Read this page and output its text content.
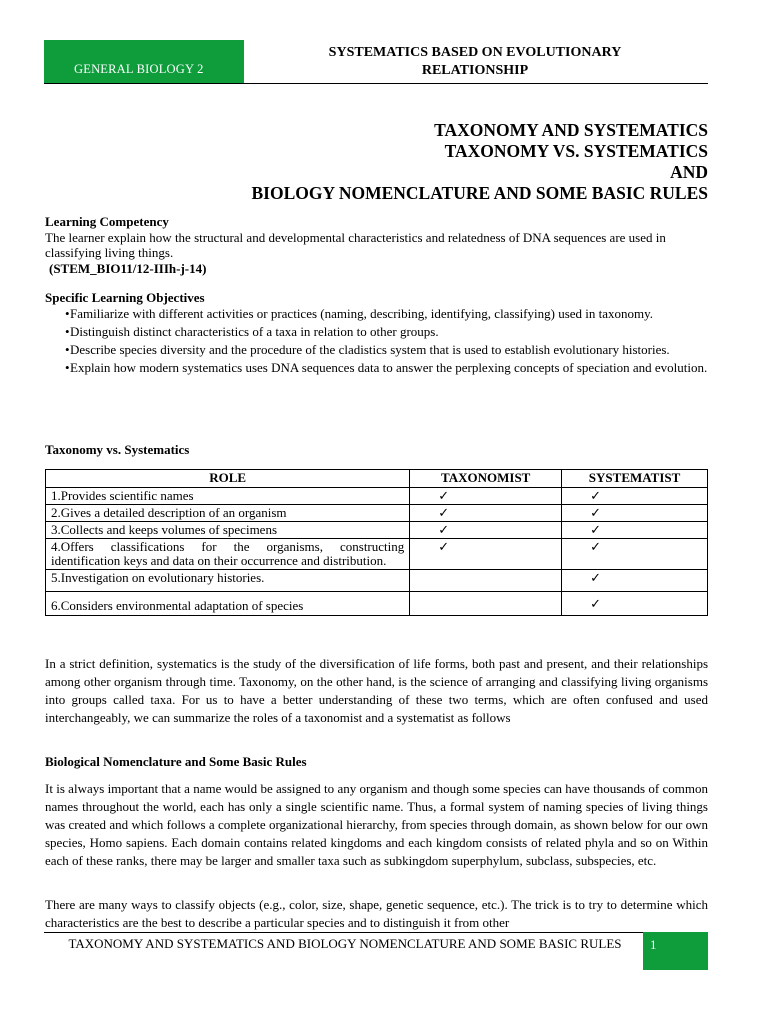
GENERAL BIOLOGY 2
SYSTEMATICS BASED ON EVOLUTIONARY
RELATIONSHIP
TAXONOMY AND SYSTEMATICS
TAXONOMY VS. SYSTEMATICS
AND
BIOLOGY NOMENCLATURE AND SOME BASIC RULES
Learning Competency
The learner explain how the structural and developmental characteristics and relatedness of DNA sequences are used in classifying living things.
(STEM_BIO11/12-IIIh-j-14)
Specific Learning Objectives
• Familiarize with different activities or practices (naming, describing, identifying, classifying) used in taxonomy.
• Distinguish distinct characteristics of a taxa in relation to other groups.
• Describe species diversity and the procedure of the cladistics system that is used to establish evolutionary histories.
• Explain how modern systematics uses DNA sequences data to answer the perplexing concepts of speciation and evolution.
Taxonomy vs. Systematics
ROLE	TAXONOMIST	SYSTEMATIST
1.Provides scientific names	✓	✓
2.Gives a detailed description of an organism	✓	✓
3.Collects and keeps volumes of specimens	✓	✓
4.Offers classifications for the organisms, constructing identification keys and data on their occurrence and distribution.	✓	✓
5.Investigation on evolutionary histories.		✓
6.Considers environmental adaptation of species		✓
In a strict definition, systematics is the study of the diversification of life forms, both past and present, and their relationships among other organism through time. Taxonomy, on the other hand, is the science of arranging and classifying living organisms into groups called taxa. For us to have a better understanding of these two terms, which are often confused and used interchangeably, we can summarize the roles of a taxonomist and a systematist as follows
Biological Nomenclature and Some Basic Rules
It is always important that a name would be assigned to any organism and though some species can have thousands of common names throughout the world, each has only a single scientific name. Thus, a formal system of naming species of living things was created and which follows a complete organizational hierarchy, from species through domain, as shown below for our own species, Homo sapiens. Each domain contains related kingdoms and each kingdom consists of related phyla and so on Within each of these ranks, there may be larger and smaller taxa such as subkingdom superphylum, subclass, subspecies, etc.
There are many ways to classify objects (e.g., color, size, shape, genetic sequence, etc.). The trick is to try to determine which characteristics are the best to describe a particular species and to distinguish it from other
TAXONOMY AND SYSTEMATICS AND BIOLOGY NOMENCLATURE AND SOME BASIC RULES	1
